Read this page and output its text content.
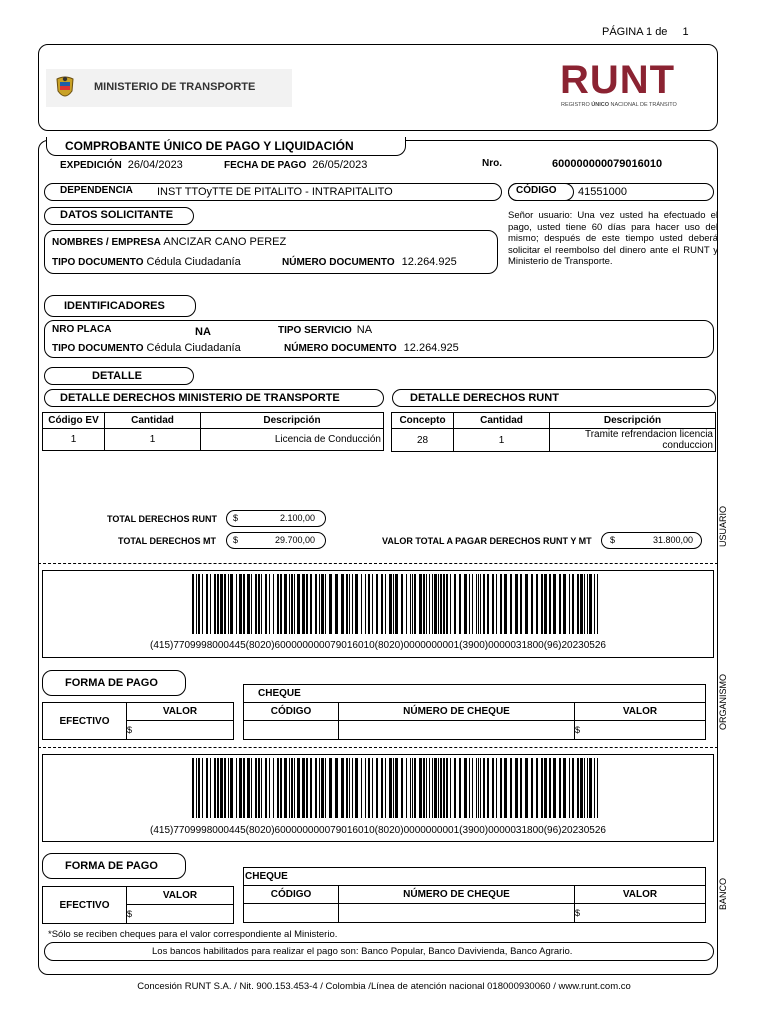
PÁGINA 1 de 1
MINISTERIO DE TRANSPORTE	RUNT
REGISTRO ÚNICO NACIONAL DE TRÁNSITO
COMPROBANTE ÚNICO DE PAGO Y LIQUIDACIÓN
EXPEDICIÓN 26/04/2023	FECHA DE PAGO 26/05/2023	Nro.	600000000079016010
DEPENDENCIA INST TTOyTTE DE PITALITO - INTRAPITALITO	CÓDIGO 41551000
DATOS SOLICITANTE	Señor usuario: Una vez usted ha efectuado el pago, usted tiene 60 días para hacer uso del mismo; después de este tiempo usted deberá solicitar el reembolso del dinero ante el RUNT y Ministerio de Transporte.
NOMBRES / EMPRESA ANCIZAR CANO PEREZ
TIPO DOCUMENTO Cédula Ciudadanía	NÚMERO DOCUMENTO 12.264.925
IDENTIFICADORES
NRO PLACA	NA	TIPO SERVICIO NA
TIPO DOCUMENTO Cédula Ciudadanía	NÚMERO DOCUMENTO 12.264.925
DETALLE
DETALLE DERECHOS MINISTERIO DE TRANSPORTE	DETALLE DERECHOS RUNT
Código EV	Cantidad	Descripción
1	1	Licencia de Conducción
Concepto	Cantidad	Descripción
28	1	Tramite refrendacion licencia conduccion
TOTAL DERECHOS RUNT $	2.100,00
TOTAL DERECHOS MT $	29.700,00	VALOR TOTAL A PAGAR DERECHOS RUNT Y MT $	31.800,00	USUARIO
(415)7709998000445(8020)600000000079016010(8020)0000000001(3900)0000031800(96)20230526
FORMA DE PAGO
EFECTIVO	VALOR
$
CHEQUE		
CÓDIGO	NÚMERO DE CHEQUE	VALOR
		$	ORGANISMO
(415)7709998000445(8020)600000000079016010(8020)0000000001(3900)0000031800(96)20230526
FORMA DE PAGO
EFECTIVO	VALOR
$
CHEQUE		
CÓDIGO	NÚMERO DE CHEQUE	VALOR
		$
BANCO
*Sólo se reciben cheques para el valor correspondiente al Ministerio.
Los bancos habilitados para realizar el pago son: Banco Popular, Banco Davivienda, Banco Agrario.
Concesión RUNT S.A. / Nit. 900.153.453-4 / Colombia /Línea de atención nacional 018000930060 / www.runt.com.co
